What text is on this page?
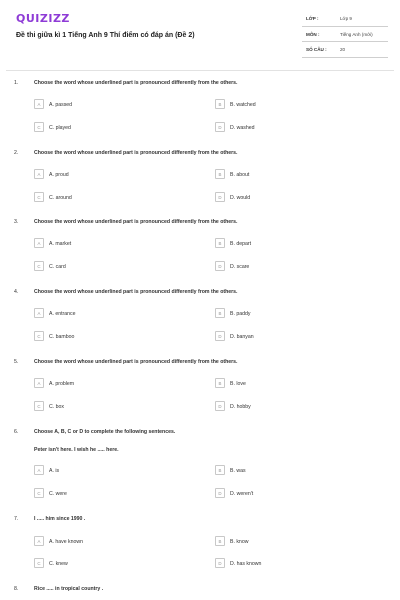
QUIZIZZ
Đề thi giữa kì 1 Tiếng Anh 9 Thí điểm có đáp án (Đề 2)
LỚP :	Lớp 9
MÔN :	Tiếng Anh (mới)
SỐ CÂU :	20
1.	Choose the word whose underlined part is pronounced differently from the others.
A	A. passed	B	B. watched
C	C. played	D	D. washed
2.	Choose the word whose underlined part is pronounced differently from the others.
A	A. proud	B	B. about
C	C. around	D	D. would
3.	Choose the word whose underlined part is pronounced differently from the others.
A	A. market	B	B. depart
C	C. card	D	D. scare
4.	Choose the word whose underlined part is pronounced differently from the others.
A	A. entrance	B	B. paddy
C	C. bamboo	D	D. banyan
5.	Choose the word whose underlined part is pronounced differently from the others.
A	A. problem	B	B. love
C	C. box	D	D. hobby
6.	Choose A, B, C or D to complete the following sentences.
Peter isn't here. I wish he ..... here.
A	A. is	B	B. was
C	C. were	D	D. weren't
7.	I ..... him since 1990 .
A	A. have known	B	B. know
C	C. knew	D	D. has known
8.	Rice ..... in tropical country .
